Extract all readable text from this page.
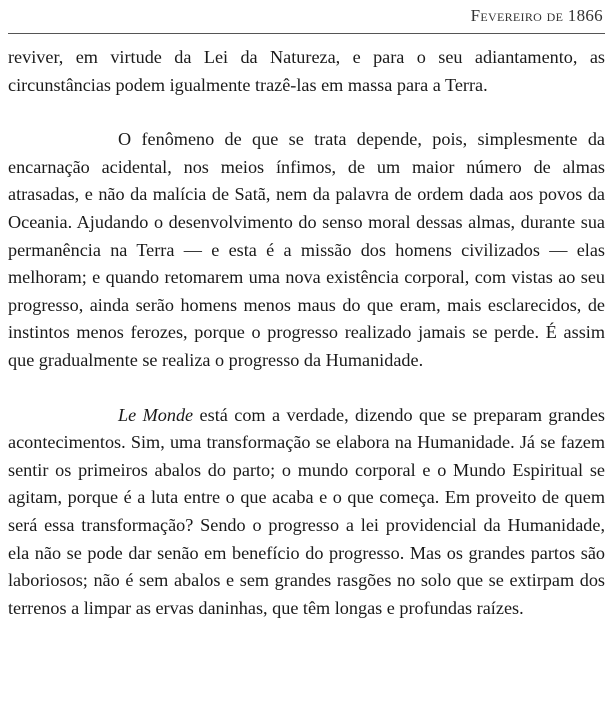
Fevereiro de 1866

reviver, em virtude da Lei da Natureza, e para o seu adiantamento, as circunstâncias podem igualmente trazê-las em massa para a Terra.

O fenômeno de que se trata depende, pois, simplesmente da encarnação acidental, nos meios ínfimos, de um maior número de almas atrasadas, e não da malícia de Satã, nem da palavra de ordem dada aos povos da Oceania. Ajudando o desenvolvimento do senso moral dessas almas, durante sua permanência na Terra — e esta é a missão dos homens civilizados — elas melhoram; e quando retomarem uma nova existência corporal, com vistas ao seu progresso, ainda serão homens menos maus do que eram, mais esclarecidos, de instintos menos ferozes, porque o progresso realizado jamais se perde. É assim que gradualmente se realiza o progresso da Humanidade.

Le Monde está com a verdade, dizendo que se preparam grandes acontecimentos. Sim, uma transformação se elabora na Humanidade. Já se fazem sentir os primeiros abalos do parto; o mundo corporal e o Mundo Espiritual se agitam, porque é a luta entre o que acaba e o que começa. Em proveito de quem será essa transformação? Sendo o progresso a lei providencial da Humanidade, ela não se pode dar senão em benefício do progresso. Mas os grandes partos são laboriosos; não é sem abalos e sem grandes rasgões no solo que se extirpam dos terrenos a limpar as ervas daninhas, que têm longas e profundas raízes.
